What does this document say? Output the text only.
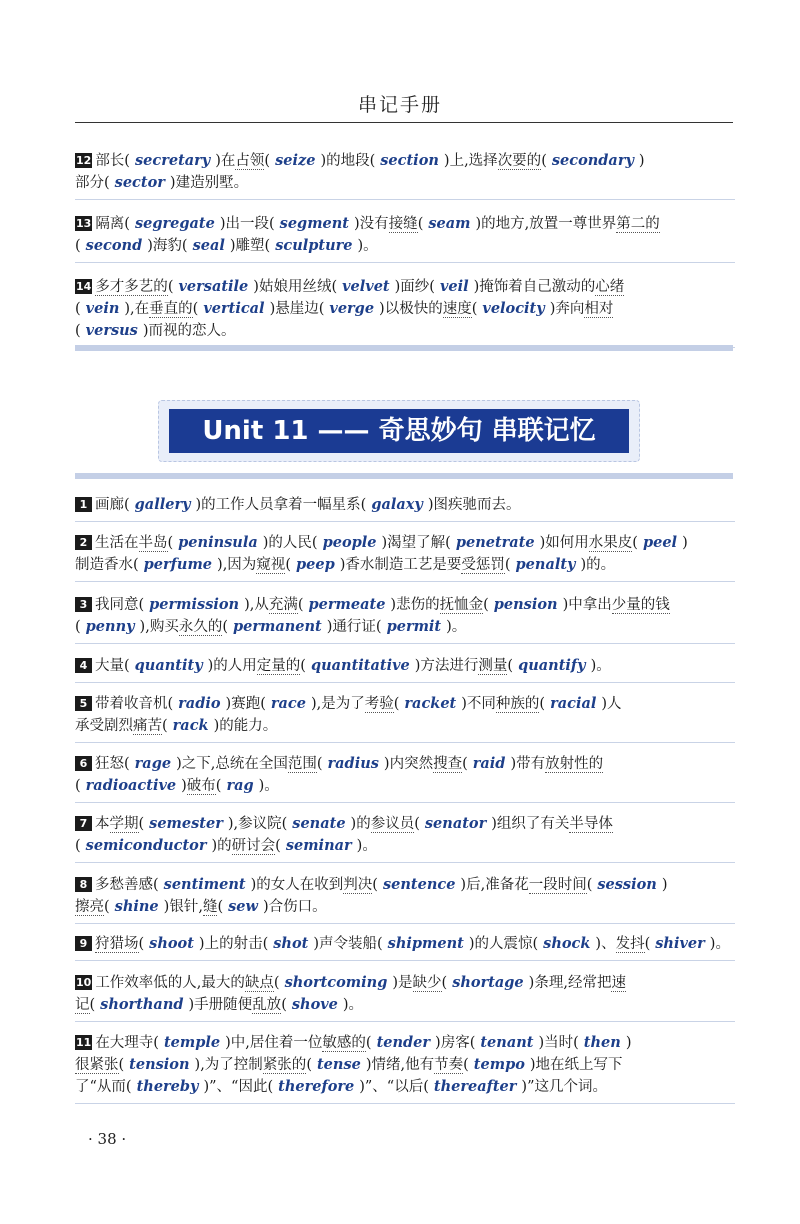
串记手册
12 部长( secretary )在占领( seize )的地段( section )上,选择次要的( secondary )
部分( sector )建造别墅。
13 隔离( segregate )出一段( segment )没有接缝( seam )的地方,放置一尊世界第二的
( second )海豹( seal )雕塑( sculpture )。
14 多才多艺的( versatile )姑娘用丝绒( velvet )面纱( veil )掩饰着自己激动的心绪
( vein ),在垂直的( vertical )悬崖边( verge )以极快的速度( velocity )奔向相对
( versus )而视的恋人。
Unit 11 —— 奇思妙句 串联记忆
1 画廊( gallery )的工作人员拿着一幅星系( galaxy )图疾驰而去。
2 生活在半岛( peninsula )的人民( people )渴望了解( penetrate )如何用水果皮( peel )
制造香水( perfume ),因为窥视( peep )香水制造工艺是要受惩罚( penalty )的。
3 我同意( permission ),从充满( permeate )悲伤的抚恤金( pension )中拿出少量的钱
( penny ),购买永久的( permanent )通行证( permit )。
4 大量( quantity )的人用定量的( quantitative )方法进行测量( quantify )。
5 带着收音机( radio )赛跑( race ),是为了考验( racket )不同种族的( racial )人
承受剧烈痛苦( rack )的能力。
6 狂怒( rage )之下,总统在全国范围( radius )内突然搜查( raid )带有放射性的
( radioactive )破布( rag )。
7 本学期( semester ),参议院( senate )的参议员( senator )组织了有关半导体
( semiconductor )的研讨会( seminar )。
8 多愁善感( sentiment )的女人在收到判决( sentence )后,准备花一段时间( session )
擦亮( shine )银针,缝( sew )合伤口。
9 狩猎场( shoot )上的射击( shot )声令装船( shipment )的人震惊( shock )、发抖( shiver )。
10 工作效率低的人,最大的缺点( shortcoming )是缺少( shortage )条理,经常把速
记( shorthand )手册随便乱放( shove )。
11 在大理寺( temple )中,居住着一位敏感的( tender )房客( tenant )当时( then )
很紧张( tension ),为了控制紧张的( tense )情绪,他有节奏( tempo )地在纸上写下
了“从而( thereby )”、“因此( therefore )”、“以后( thereafter )”这几个词。
· 38 ·
